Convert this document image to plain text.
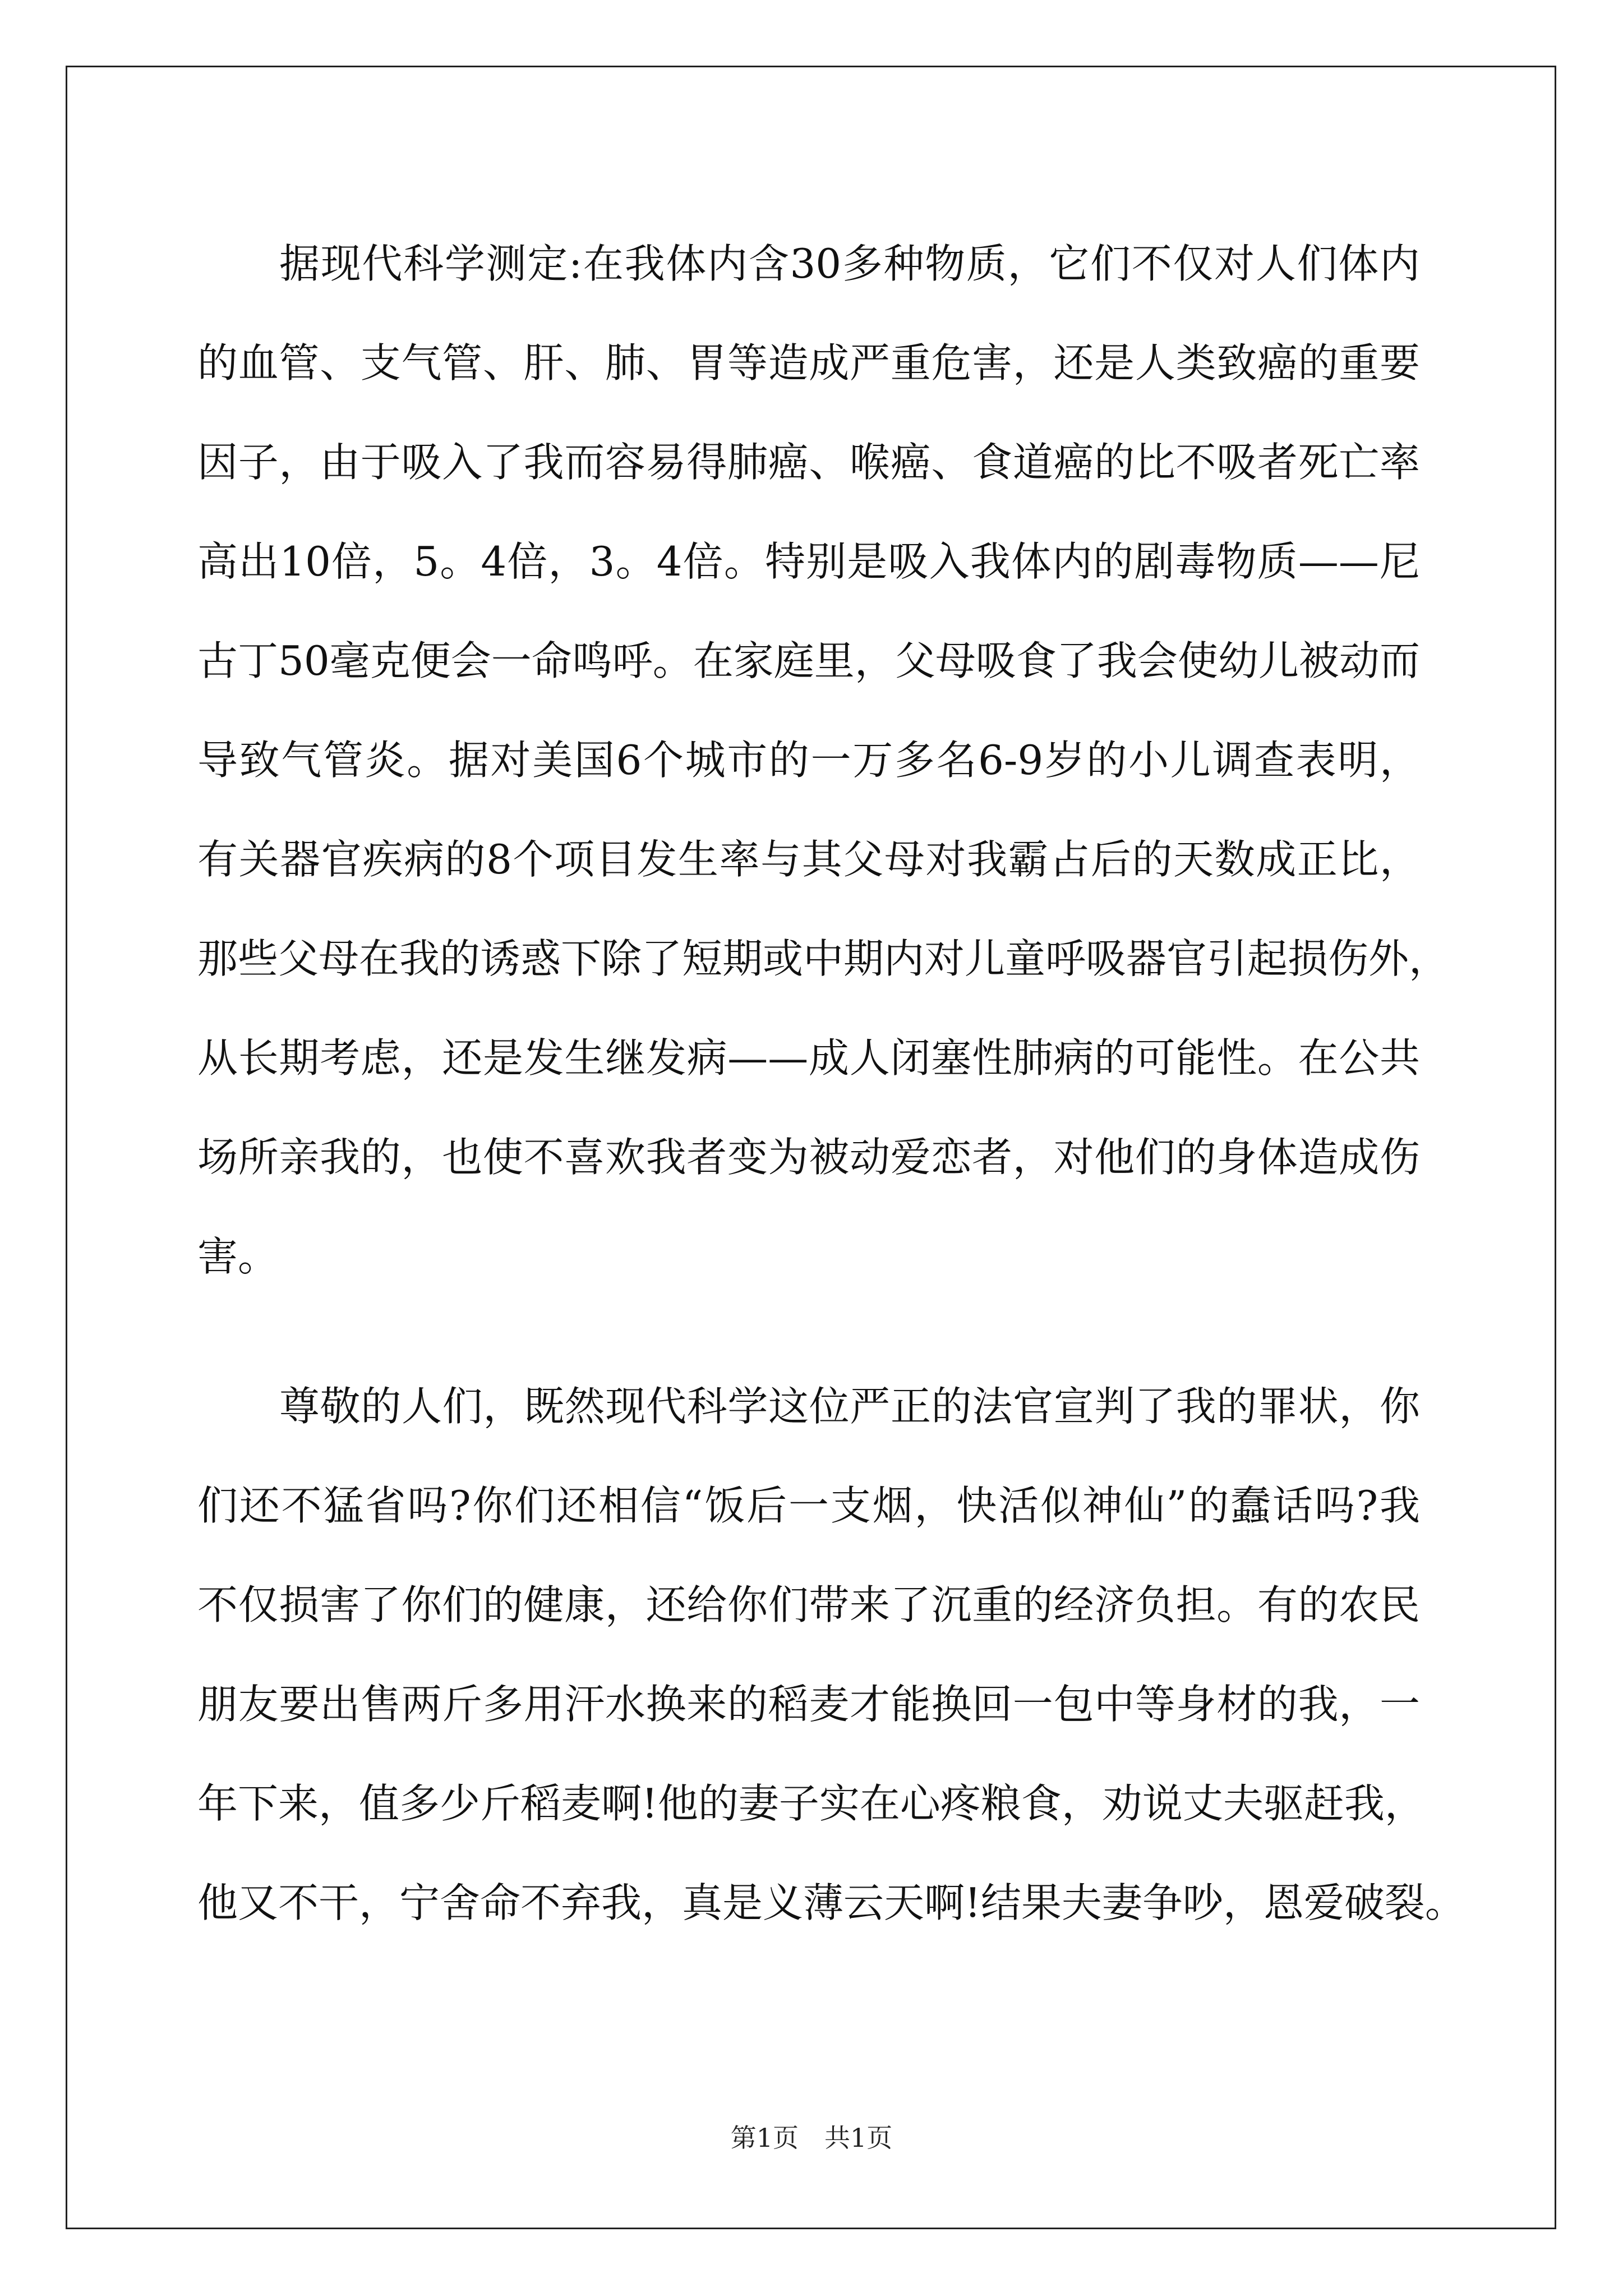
据现代科学测定:在我体内含30多种物质，它们不仅对人们体内
的血管、支气管、肝、肺、胃等造成严重危害，还是人类致癌的重要
因子，由于吸入了我而容易得肺癌、喉癌、食道癌的比不吸者死亡率
高出10倍，5。4倍，3。4倍。特别是吸入我体内的剧毒物质——尼
古丁50毫克便会一命鸣呼。在家庭里，父母吸食了我会使幼儿被动而
导致气管炎。据对美国6个城市的一万多名6-9岁的小儿调查表明，
有关器官疾病的8个项目发生率与其父母对我霸占后的天数成正比，
那些父母在我的诱惑下除了短期或中期内对儿童呼吸器官引起损伤外，
从长期考虑，还是发生继发病——成人闭塞性肺病的可能性。在公共
场所亲我的，也使不喜欢我者变为被动爱恋者，对他们的身体造成伤
害。
尊敬的人们，既然现代科学这位严正的法官宣判了我的罪状，你
们还不猛省吗?你们还相信“饭后一支烟，快活似神仙”的蠢话吗?我
不仅损害了你们的健康，还给你们带来了沉重的经济负担。有的农民
朋友要出售两斤多用汗水换来的稻麦才能换回一包中等身材的我，一
年下来，值多少斤稻麦啊!他的妻子实在心疼粮食，劝说丈夫驱赶我，
他又不干，宁舍命不弃我，真是义薄云天啊!结果夫妻争吵，恩爱破裂。
第1页　共1页
